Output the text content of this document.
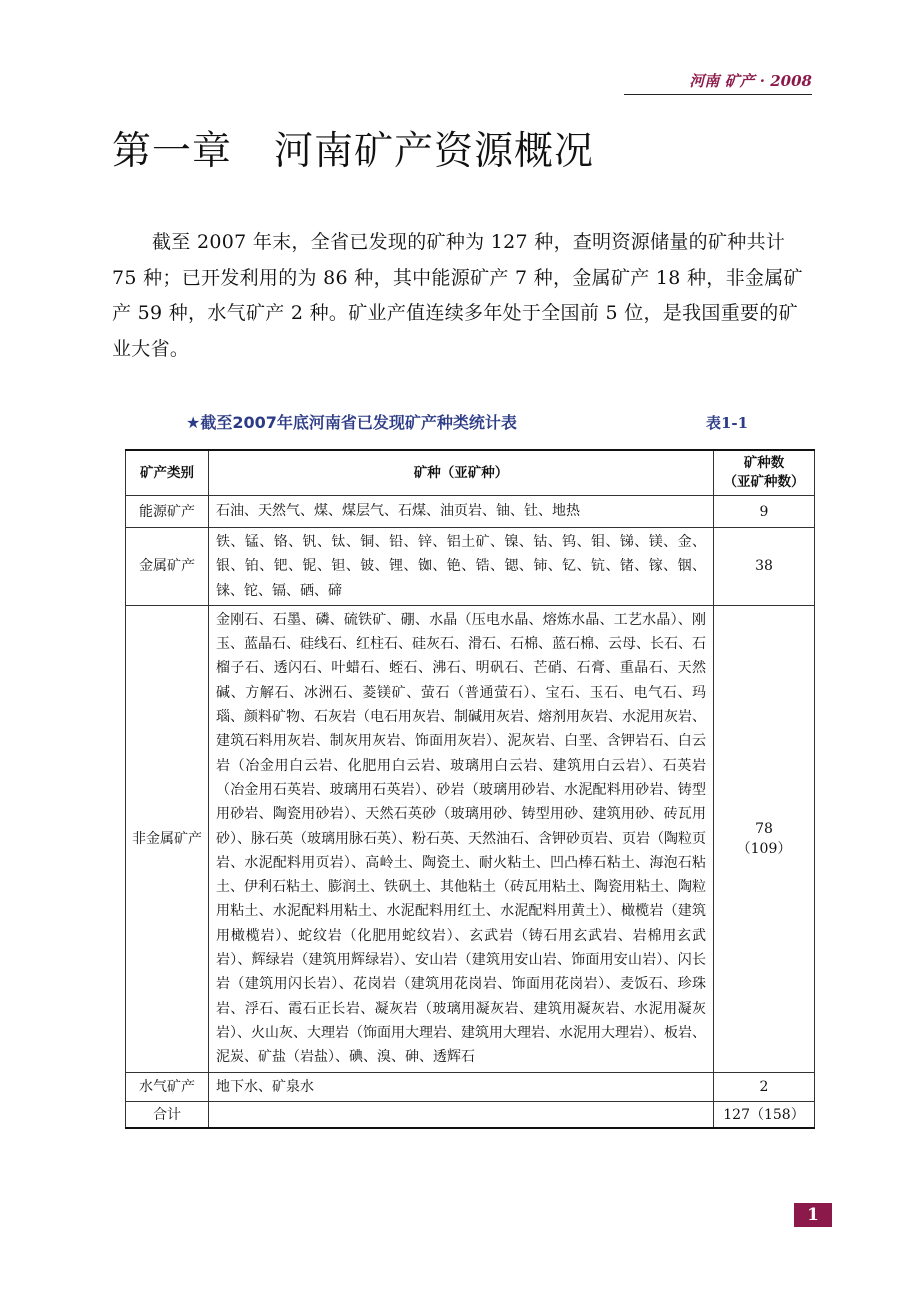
河南 矿产 · 2008
第一章 河南矿产资源概况

截至 2007 年末，全省已发现的矿种为 127 种，查明资源储量的矿种共计 75 种；已开发利用的为 86 种，其中能源矿产 7 种，金属矿产 18 种，非金属矿产 59 种，水气矿产 2 种。矿业产值连续多年处于全国前 5 位，是我国重要的矿业大省。

★截至2007年底河南省已发现矿产种类统计表	表1-1
矿产类别	矿种（亚矿种）	矿种数
（亚矿种数）
能源矿产	石油、天然气、煤、煤层气、石煤、油页岩、铀、钍、地热	9
金属矿产	铁、锰、铬、钒、钛、铜、铅、锌、铝土矿、镍、钴、钨、钼、锑、镁、金、银、铂、钯、铌、钽、铍、锂、铷、铯、锆、锶、铈、钇、钪、锗、镓、铟、铼、铊、镉、硒、碲	38
非金属矿产	金刚石、石墨、磷、硫铁矿、硼、水晶（压电水晶、熔炼水晶、工艺水晶）、刚玉、蓝晶石、硅线石、红柱石、硅灰石、滑石、石棉、蓝石棉、云母、长石、石榴子石、透闪石、叶蜡石、蛭石、沸石、明矾石、芒硝、石膏、重晶石、天然碱、方解石、冰洲石、菱镁矿、萤石（普通萤石）、宝石、玉石、电气石、玛瑙、颜料矿物、石灰岩（电石用灰岩、制碱用灰岩、熔剂用灰岩、水泥用灰岩、建筑石料用灰岩、制灰用灰岩、饰面用灰岩）、泥灰岩、白垩、含钾岩石、白云岩（冶金用白云岩、化肥用白云岩、玻璃用白云岩、建筑用白云岩）、石英岩（冶金用石英岩、玻璃用石英岩）、砂岩（玻璃用砂岩、水泥配料用砂岩、铸型用砂岩、陶瓷用砂岩）、天然石英砂（玻璃用砂、铸型用砂、建筑用砂、砖瓦用砂）、脉石英（玻璃用脉石英）、粉石英、天然油石、含钾砂页岩、页岩（陶粒页岩、水泥配料用页岩）、高岭土、陶瓷土、耐火粘土、凹凸棒石粘土、海泡石粘土、伊利石粘土、膨润土、铁矾土、其他粘土（砖瓦用粘土、陶瓷用粘土、陶粒用粘土、水泥配料用粘土、水泥配料用红土、水泥配料用黄土）、橄榄岩（建筑用橄榄岩）、蛇纹岩（化肥用蛇纹岩）、玄武岩（铸石用玄武岩、岩棉用玄武岩）、辉绿岩（建筑用辉绿岩）、安山岩（建筑用安山岩、饰面用安山岩）、闪长岩（建筑用闪长岩）、花岗岩（建筑用花岗岩、饰面用花岗岩）、麦饭石、珍珠岩、浮石、霞石正长岩、凝灰岩（玻璃用凝灰岩、建筑用凝灰岩、水泥用凝灰岩）、火山灰、大理岩（饰面用大理岩、建筑用大理岩、水泥用大理岩）、板岩、泥炭、矿盐（岩盐）、碘、溴、砷、透辉石	78
（109）
水气矿产	地下水、矿泉水	2
合计		127（158）
1
